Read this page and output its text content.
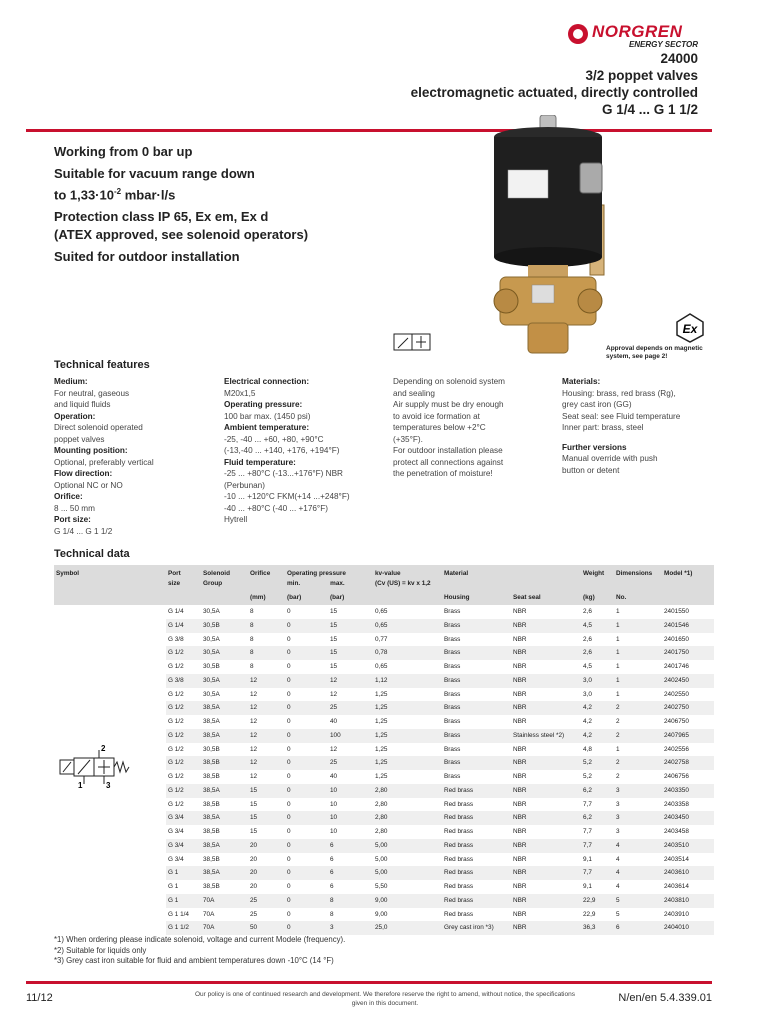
NORGREN
ENERGY SECTOR
24000
3/2 poppet valves
electromagnetic actuated, directly controlled
G 1/4 ... G 1 1/2
Working from 0 bar up
Suitable for vacuum range down
to $1,33\cdot 10^{-2}$ mbar·l/s
Protection class IP 65, Ex em, Ex d
(ATEX approved, see solenoid operators)
Suited for outdoor installation
Ex
Approval depends on magnetic system, see page 2!
Technical features
Medium:
For neutral, gaseous
and liquid fluids
Operation:
Direct solenoid operated
poppet valves
Mounting position:
Optional, preferably vertical
Flow direction:
Optional NC or NO
Orifice:
8 ... 50 mm
Port size:
G 1/4 ... G 1 1/2
Electrical connection:
M20x1,5
Operating pressure:
100 bar max. (1450 psi)
Ambient temperature:
-25, -40 ... +60, +80, +90°C
(-13,-40 ... +140, +176, +194°F)
Fluid temperature:
-25 ... +80°C (-13...+176°F) NBR
(Perbunan)
-10 ... +120°C FKM(+14 ...+248°F)
-40 ... +80°C (-40 ... +176°F)
Hytrell
Depending on solenoid system
and sealing
Air supply must be dry enough
to avoid ice formation at
temperatures below +2°C
(+35°F).
For outdoor installation please
protect all connections against
the penetration of moisture!
Materials:
Housing: brass, red brass (Rg),
grey cast iron (GG)
Seat seal: see Fluid temperature
Inner part: brass, steel
Further versions
Manual override with push
button or detent
Technical data
Symbol	Port
size	Solenoid
Group	Orifice	Operating pressure
min. max.		kv-value
(Cv (US) = kv x 1,2	Material		Weight	Dimensions	Model *1)
			(mm)	(bar)	(bar)		Housing	Seat seal	(kg)	No.	

2
1 3	G 1/4	30,5A	8	0	15	0,65	Brass	NBR	2,6	1	2401550
	G 1/4	30,5B	8	0	15	0,65	Brass	NBR	4,5	1	2401546
	G 3/8	30,5A	8	0	15	0,77	Brass	NBR	2,6	1	2401650
	G 1/2	30,5A	8	0	15	0,78	Brass	NBR	2,6	1	2401750
	G 1/2	30,5B	8	0	15	0,65	Brass	NBR	4,5	1	2401746
	G 3/8	30,5A	12	0	12	1,12	Brass	NBR	3,0	1	2402450
	G 1/2	30,5A	12	0	12	1,25	Brass	NBR	3,0	1	2402550
	G 1/2	38,5A	12	0	25	1,25	Brass	NBR	4,2	2	2402750
	G 1/2	38,5A	12	0	40	1,25	Brass	NBR	4,2	2	2406750
	G 1/2	38,5A	12	0	100	1,25	Brass	Stainless steel *2)	4,2	2	2407965
	G 1/2	30,5B	12	0	12	1,25	Brass	NBR	4,8	1	2402556
	G 1/2	38,5B	12	0	25	1,25	Brass	NBR	5,2	2	2402758
	G 1/2	38,5B	12	0	40	1,25	Brass	NBR	5,2	2	2406756
	G 1/2	38,5A	15	0	10	2,80	Red brass	NBR	6,2	3	2403350
	G 1/2	38,5B	15	0	10	2,80	Red brass	NBR	7,7	3	2403358
	G 3/4	38,5A	15	0	10	2,80	Red brass	NBR	6,2	3	2403450
	G 3/4	38,5B	15	0	10	2,80	Red brass	NBR	7,7	3	2403458
	G 3/4	38,5A	20	0	6	5,00	Red brass	NBR	7,7	4	2403510
	G 3/4	38,5B	20	0	6	5,00	Red brass	NBR	9,1	4	2403514
	G 1	38,5A	20	0	6	5,00	Red brass	NBR	7,7	4	2403610
	G 1	38,5B	20	0	6	5,50	Red brass	NBR	9,1	4	2403614
	G 1	70A	25	0	8	9,00	Red brass	NBR	22,9	5	2403810
	G 1 1/4	70A	25	0	8	9,00	Red brass	NBR	22,9	5	2403910
	G 1 1/2	70A	50	0	3	25,0	Grey cast iron *3)	NBR	36,3	6	2404010
*1) When ordering please indicate solenoid, voltage and current Modele (frequency).
*2) Suitable for liquids only
*3) Grey cast iron suitable for fluid and ambient temperatures down -10°C (14 °F)
11/12	Our policy is one of continued research and development. We therefore reserve the right to amend, without notice, the specifications given in this document.	N/en/en 5.4.339.01
